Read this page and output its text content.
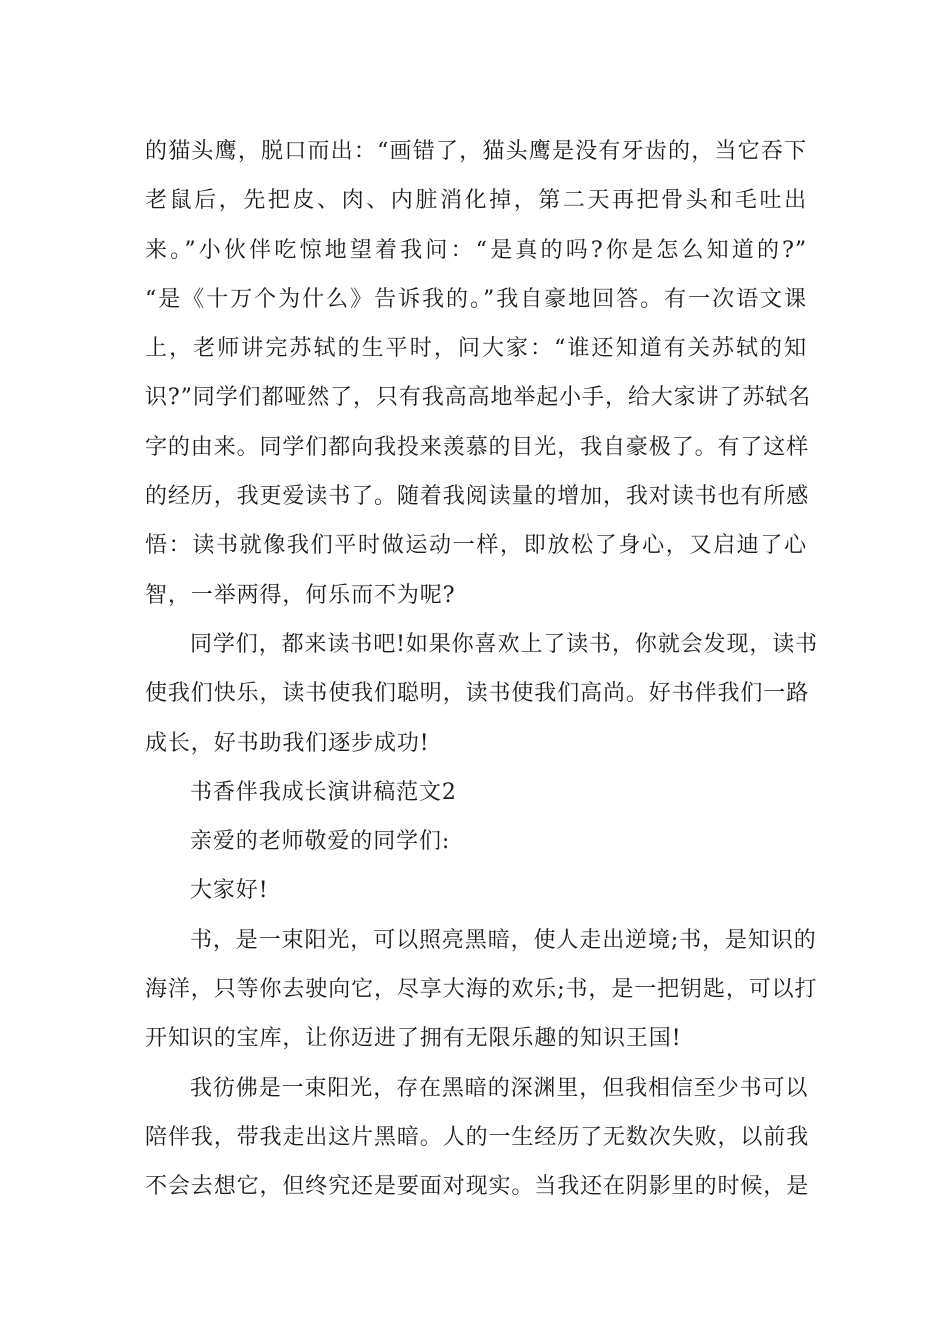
的猫头鹰，脱口而出：“画错了，猫头鹰是没有牙齿的，当它吞下
老鼠后，先把皮、肉、内脏消化掉，第二天再把骨头和毛吐出
来。”小伙伴吃惊地望着我问：“是真的吗?你是怎么知道的?”
“是《十万个为什么》告诉我的。”我自豪地回答。有一次语文课
上，老师讲完苏轼的生平时，问大家：“谁还知道有关苏轼的知
识?”同学们都哑然了，只有我高高地举起小手，给大家讲了苏轼名
字的由来。同学们都向我投来羡慕的目光，我自豪极了。有了这样
的经历，我更爱读书了。随着我阅读量的增加，我对读书也有所感
悟：读书就像我们平时做运动一样，即放松了身心，又启迪了心
智，一举两得，何乐而不为呢?
同学们，都来读书吧!如果你喜欢上了读书，你就会发现，读书
使我们快乐，读书使我们聪明，读书使我们高尚。好书伴我们一路
成长，好书助我们逐步成功!
书香伴我成长演讲稿范文2
亲爱的老师敬爱的同学们:
大家好!
书，是一束阳光，可以照亮黑暗，使人走出逆境;书，是知识的
海洋，只等你去驶向它，尽享大海的欢乐;书，是一把钥匙，可以打
开知识的宝库，让你迈进了拥有无限乐趣的知识王国!
我彷佛是一束阳光，存在黑暗的深渊里，但我相信至少书可以
陪伴我，带我走出这片黑暗。人的一生经历了无数次失败，以前我
不会去想它，但终究还是要面对现实。当我还在阴影里的时候，是
